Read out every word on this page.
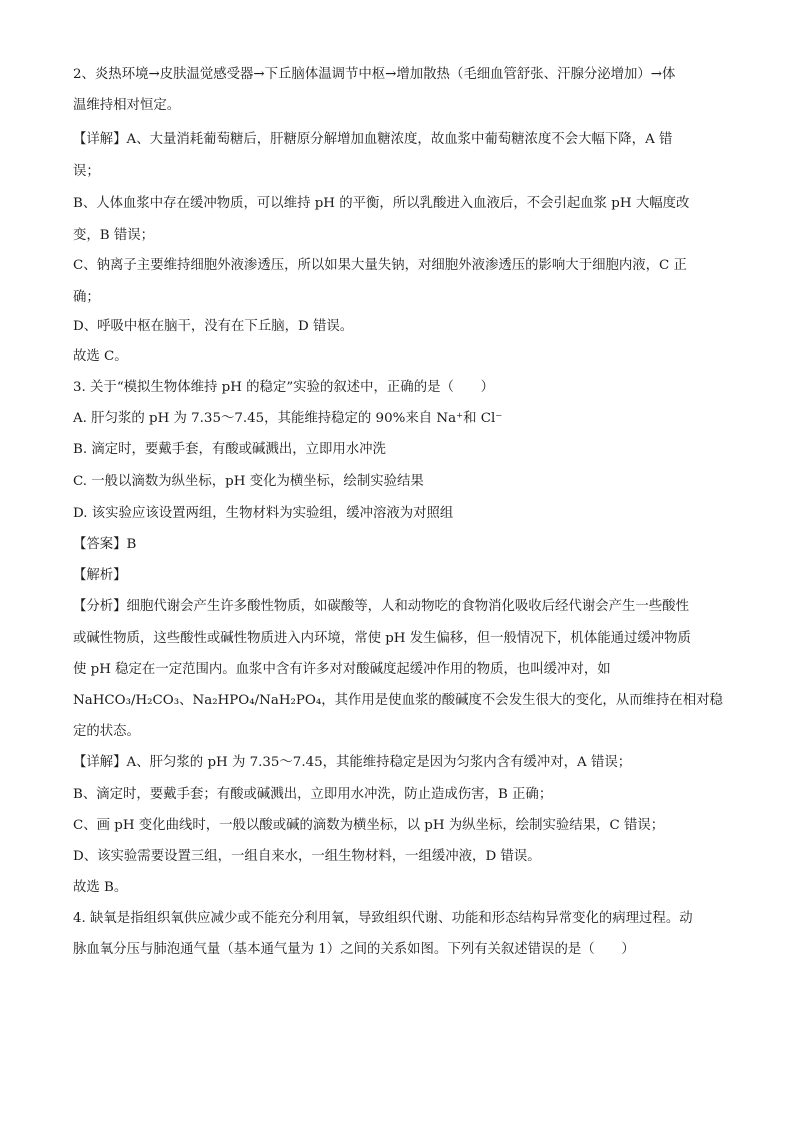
2、炎热环境→皮肤温觉感受器→下丘脑体温调节中枢→增加散热（毛细血管舒张、汗腺分泌增加）→体
温维持相对恒定。
【详解】A、大量消耗葡萄糖后，肝糖原分解增加血糖浓度，故血浆中葡萄糖浓度不会大幅下降，A 错
误；
B、人体血浆中存在缓冲物质，可以维持 pH 的平衡，所以乳酸进入血液后，不会引起血浆 pH 大幅度改
变，B 错误；
C、钠离子主要维持细胞外液渗透压，所以如果大量失钠，对细胞外液渗透压的影响大于细胞内液，C 正
确；
D、呼吸中枢在脑干，没有在下丘脑，D 错误。
故选 C。
3. 关于“模拟生物体维持 pH 的稳定”实验的叙述中，正确的是（　　）
A. 肝匀浆的 pH 为 7.35～7.45，其能维持稳定的 90%来自 Na⁺和 Cl⁻
B. 滴定时，要戴手套，有酸或碱溅出，立即用水冲洗
C. 一般以滴数为纵坐标，pH 变化为横坐标，绘制实验结果
D. 该实验应该设置两组，生物材料为实验组，缓冲溶液为对照组
【答案】B
【解析】
【分析】细胞代谢会产生许多酸性物质，如碳酸等，人和动物吃的食物消化吸收后经代谢会产生一些酸性
或碱性物质，这些酸性或碱性物质进入内环境，常使 pH 发生偏移，但一般情况下，机体能通过缓冲物质
使 pH 稳定在一定范围内。血浆中含有许多对对酸碱度起缓冲作用的物质，也叫缓冲对，如
NaHCO₃/H₂CO₃、Na₂HPO₄/NaH₂PO₄，其作用是使血浆的酸碱度不会发生很大的变化，从而维持在相对稳
定的状态。
【详解】A、肝匀浆的 pH 为 7.35～7.45，其能维持稳定是因为匀浆内含有缓冲对，A 错误；
B、滴定时，要戴手套；有酸或碱溅出，立即用水冲洗，防止造成伤害，B 正确；
C、画 pH 变化曲线时，一般以酸或碱的滴数为横坐标，以 pH 为纵坐标，绘制实验结果，C 错误；
D、该实验需要设置三组，一组自来水，一组生物材料，一组缓冲液，D 错误。
故选 B。
4. 缺氧是指组织氧供应减少或不能充分利用氧，导致组织代谢、功能和形态结构异常变化的病理过程。动
脉血氧分压与肺泡通气量（基本通气量为 1）之间的关系如图。下列有关叙述错误的是（　　）
